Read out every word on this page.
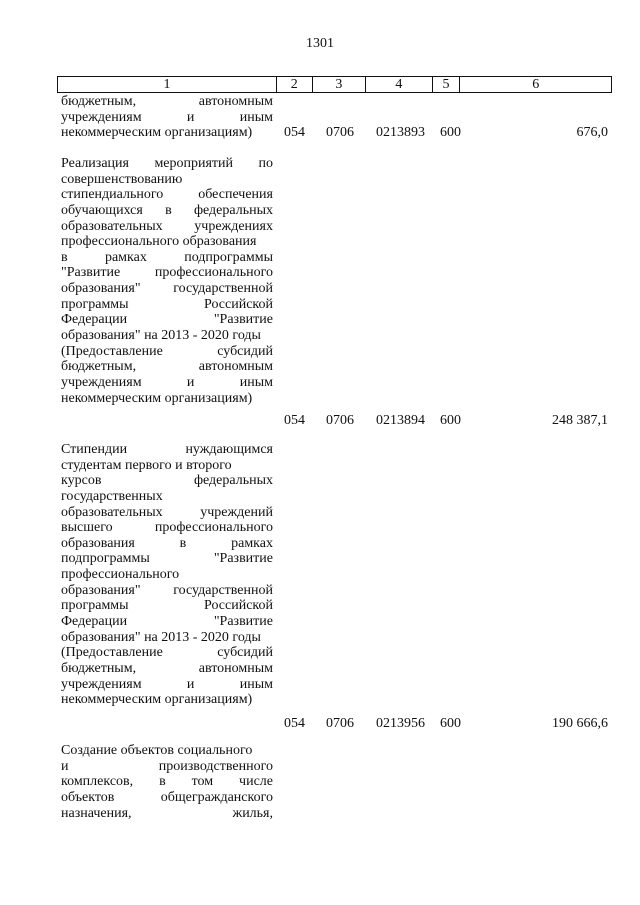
1301
1	2	3	4	5	6
бюджетным,	автономным
учреждениям	и	иным
некоммерческим организациям) 054 0706 0213893 600	676,0
Реализация мероприятий по
совершенствованию
стипендиального	обеспечения
обучающихся в федеральных
образовательных учреждениях
профессионального образования
в	рамках	подпрограммы
"Развитие профессионального
образования" государственной
программы	Российской
Федерации	"Развитие
образования" на 2013 - 2020 годы
(Предоставление	субсидий
бюджетным,	автономным
учреждениям	и	иным
некоммерческим организациям)
054 0706 0213894 600	248 387,1
Стипендии	нуждающимся
студентам первого и второго
курсов	федеральных
государственных
образовательных	учреждений
высшего	профессионального
образования	в	рамках
подпрограммы	"Развитие
профессионального
образования" государственной
программы	Российской
Федерации	"Развитие
образования" на 2013 - 2020 годы
(Предоставление	субсидий
бюджетным,	автономным
учреждениям	и	иным
некоммерческим организациям)
054 0706 0213956 600	190 666,6
Создание объектов социального
и	производственного
комплексов, в том числе
объектов	общегражданского
назначения,	жилья,
